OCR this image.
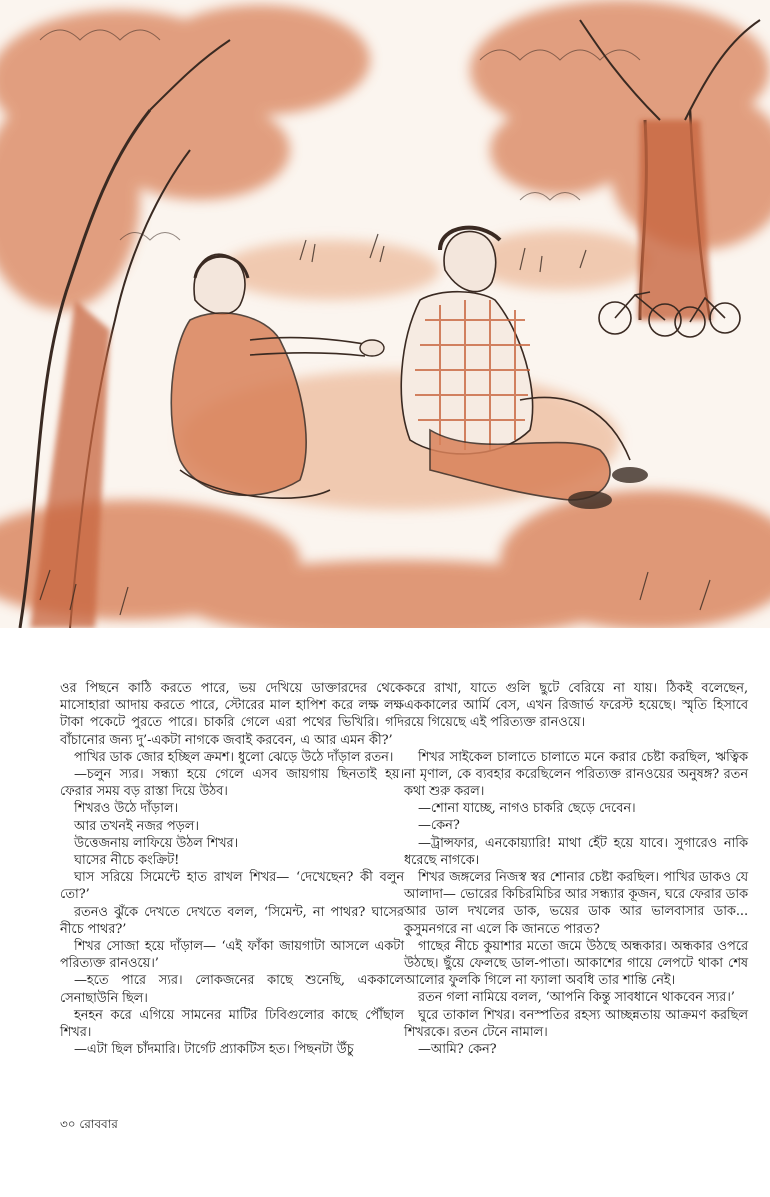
ওর পিছনে কাঠি করতে পারে, ভয় দেখিয়ে ডাক্তারদের থেকে মাসোহারা আদায় করতে পারে, স্টোরের মাল হাপিশ করে লক্ষ লক্ষ টাকা পকেটে পুরতে পারে। চাকরি গেলে এরা পথের ভিখিরি। গদি বাঁচানোর জন্য দু’-একটা নাগকে জবাই করবেন, এ আর এমন কী?’

পাখির ডাক জোর হচ্ছিল ক্রমশ। ধুলো ঝেড়ে উঠে দাঁড়াল রতন।

—চলুন স্যর। সন্ধ্যা হয়ে গেলে এসব জায়গায় ছিনতাই হয়। ফেরার সময় বড় রাস্তা দিয়ে উঠব।

শিখরও উঠে দাঁড়াল।

আর তখনই নজর পড়ল।

উত্তেজনায় লাফিয়ে উঠল শিখর।

ঘাসের নীচে কংক্রিট!

ঘাস সরিয়ে সিমেন্টে হাত রাখল শিখর— ‘দেখেছেন? কী বলুন তো?’

রতনও ঝুঁকে দেখতে দেখতে বলল, ‘সিমেন্ট, না পাথর? ঘাসের নীচে পাথর?’

শিখর সোজা হয়ে দাঁড়াল— ‘এই ফাঁকা জায়গাটা আসলে একটা পরিত্যক্ত রানওয়ে।’

—হতে পারে স্যর। লোকজনের কাছে শুনেছি, এককালে সেনাছাউনি ছিল।

হনহন করে এগিয়ে সামনের মাটির ঢিবিগুলোর কাছে পৌঁছাল শিখর।

—এটা ছিল চাঁদমারি। টার্গেট প্র্যাকটিস হত। পিছনটা উঁচু

করে রাখা, যাতে গুলি ছুটে বেরিয়ে না যায়। ঠিকই বলেছেন, এককালের আর্মি বেস, এখন রিজার্ভ ফরেস্ট হয়েছে। স্মৃতি হিসাবে রয়ে গিয়েছে এই পরিত্যক্ত রানওয়ে।

শিখর সাইকেল চালাতে চালাতে মনে করার চেষ্টা করছিল, ঋত্বিক না মৃণাল, কে ব্যবহার করেছিলেন পরিত্যক্ত রানওয়ের অনুষঙ্গ? রতন কথা শুরু করল।

—শোনা যাচ্ছে, নাগও চাকরি ছেড়ে দেবেন।

—কেন?

—ট্রান্সফার, এনকোয়্যারি! মাথা হেঁট হয়ে যাবে। সুগারেও নাকি ধরেছে নাগকে।

শিখর জঙ্গলের নিজস্ব স্বর শোনার চেষ্টা করছিল। পাখির ডাকও যে আলাদা— ভোরের কিচিরমিচির আর সন্ধ্যার কূজন, ঘরে ফেরার ডাক আর ডাল দখলের ডাক, ভয়ের ডাক আর ভালবাসার ডাক... কুসুমনগরে না এলে কি জানতে পারত?

গাছের নীচে কুয়াশার মতো জমে উঠছে অন্ধকার। অন্ধকার ওপরে উঠছে। ছুঁয়ে ফেলছে ডাল-পাতা। আকাশের গায়ে লেপটে থাকা শেষ আলোর ফুলকি গিলে না ফ্যালা অবধি তার শান্তি নেই।

রতন গলা নামিয়ে বলল, ‘আপনি কিন্তু সাবধানে থাকবেন স্যর।’

ঘুরে তাকাল শিখর। বনস্পতির রহস্য আচ্ছন্নতায় আক্রমণ করছিল শিখরকে। রতন টেনে নামাল।

—আমি? কেন?

৩০ রোববার
